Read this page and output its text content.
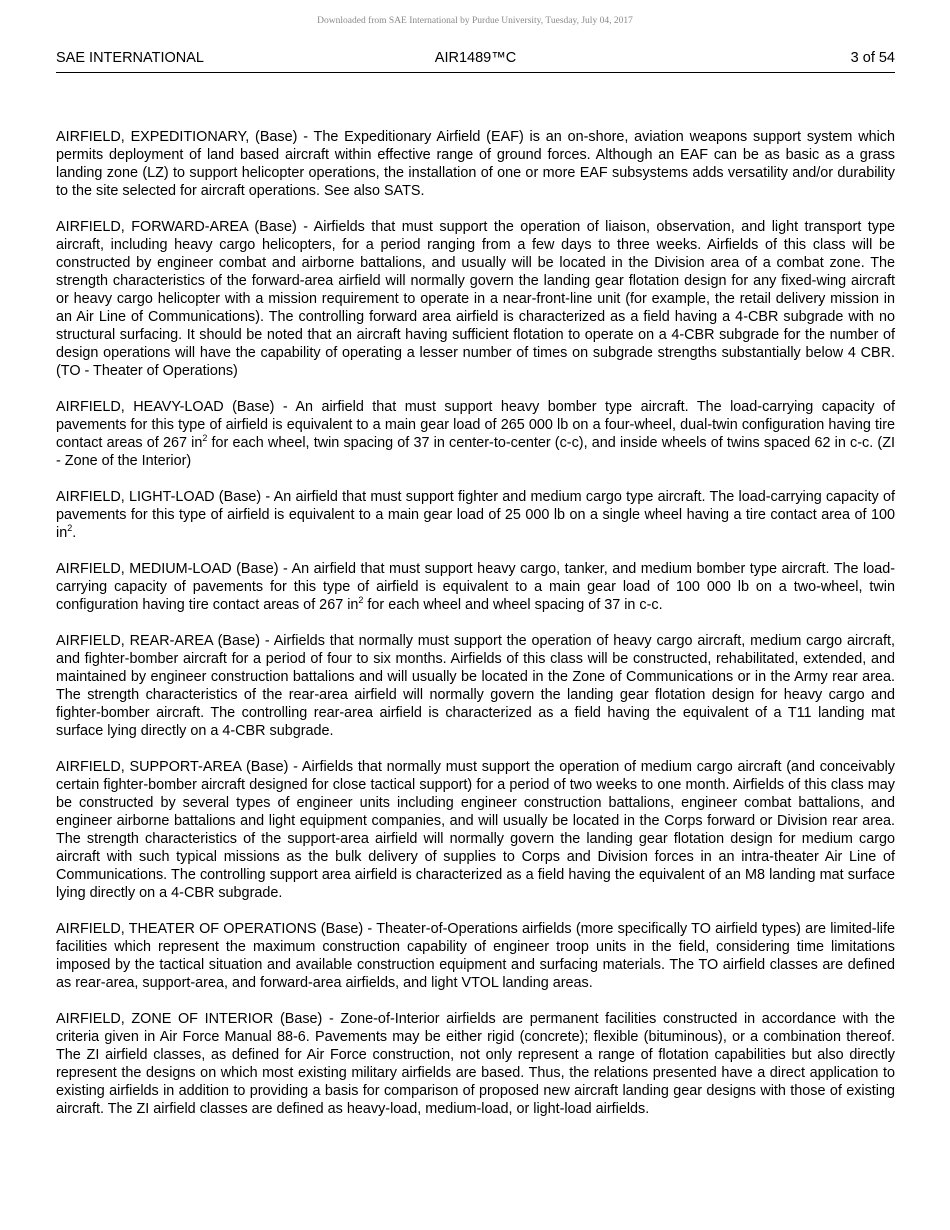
Downloaded from SAE International by Purdue University, Tuesday, July 04, 2017
SAE INTERNATIONAL	AIR1489™C	3 of 54

AIRFIELD, EXPEDITIONARY, (Base) - The Expeditionary Airfield (EAF) is an on-shore, aviation weapons support system which permits deployment of land based aircraft within effective range of ground forces. Although an EAF can be as basic as a grass landing zone (LZ) to support helicopter operations, the installation of one or more EAF subsystems adds versatility and/or durability to the site selected for aircraft operations. See also SATS.

AIRFIELD, FORWARD-AREA (Base) - Airfields that must support the operation of liaison, observation, and light transport type aircraft, including heavy cargo helicopters, for a period ranging from a few days to three weeks. Airfields of this class will be constructed by engineer combat and airborne battalions, and usually will be located in the Division area of a combat zone. The strength characteristics of the forward-area airfield will normally govern the landing gear flotation design for any fixed-wing aircraft or heavy cargo helicopter with a mission requirement to operate in a near-front-line unit (for example, the retail delivery mission in an Air Line of Communications). The controlling forward area airfield is characterized as a field having a 4-CBR subgrade with no structural surfacing. It should be noted that an aircraft having sufficient flotation to operate on a 4-CBR subgrade for the number of design operations will have the capability of operating a lesser number of times on subgrade strengths substantially below 4 CBR. (TO - Theater of Operations)

AIRFIELD, HEAVY-LOAD (Base) - An airfield that must support heavy bomber type aircraft. The load-carrying capacity of pavements for this type of airfield is equivalent to a main gear load of 265 000 lb on a four-wheel, dual-twin configuration having tire contact areas of 267 $in^2$ for each wheel, twin spacing of 37 in center-to-center (c-c), and inside wheels of twins spaced 62 in c-c. (ZI - Zone of the Interior)

AIRFIELD, LIGHT-LOAD (Base) - An airfield that must support fighter and medium cargo type aircraft. The load-carrying capacity of pavements for this type of airfield is equivalent to a main gear load of 25 000 lb on a single wheel having a tire contact area of 100 $in^2$.

AIRFIELD, MEDIUM-LOAD (Base) - An airfield that must support heavy cargo, tanker, and medium bomber type aircraft. The load-carrying capacity of pavements for this type of airfield is equivalent to a main gear load of 100 000 lb on a two-wheel, twin configuration having tire contact areas of 267 $in^2$ for each wheel and wheel spacing of 37 in c-c.

AIRFIELD, REAR-AREA (Base) - Airfields that normally must support the operation of heavy cargo aircraft, medium cargo aircraft, and fighter-bomber aircraft for a period of four to six months. Airfields of this class will be constructed, rehabilitated, extended, and maintained by engineer construction battalions and will usually be located in the Zone of Communications or in the Army rear area. The strength characteristics of the rear-area airfield will normally govern the landing gear flotation design for heavy cargo and fighter-bomber aircraft. The controlling rear-area airfield is characterized as a field having the equivalent of a T11 landing mat surface lying directly on a 4-CBR subgrade.

AIRFIELD, SUPPORT-AREA (Base) - Airfields that normally must support the operation of medium cargo aircraft (and conceivably certain fighter-bomber aircraft designed for close tactical support) for a period of two weeks to one month. Airfields of this class may be constructed by several types of engineer units including engineer construction battalions, engineer combat battalions, and engineer airborne battalions and light equipment companies, and will usually be located in the Corps forward or Division rear area. The strength characteristics of the support-area airfield will normally govern the landing gear flotation design for medium cargo aircraft with such typical missions as the bulk delivery of supplies to Corps and Division forces in an intra-theater Air Line of Communications. The controlling support area airfield is characterized as a field having the equivalent of an M8 landing mat surface lying directly on a 4-CBR subgrade.

AIRFIELD, THEATER OF OPERATIONS (Base) - Theater-of-Operations airfields (more specifically TO airfield types) are limited-life facilities which represent the maximum construction capability of engineer troop units in the field, considering time limitations imposed by the tactical situation and available construction equipment and surfacing materials. The TO airfield classes are defined as rear-area, support-area, and forward-area airfields, and light VTOL landing areas.

AIRFIELD, ZONE OF INTERIOR (Base) - Zone-of-Interior airfields are permanent facilities constructed in accordance with the criteria given in Air Force Manual 88-6. Pavements may be either rigid (concrete); flexible (bituminous), or a combination thereof. The ZI airfield classes, as defined for Air Force construction, not only represent a range of flotation capabilities but also directly represent the designs on which most existing military airfields are based. Thus, the relations presented have a direct application to existing airfields in addition to providing a basis for comparison of proposed new aircraft landing gear designs with those of existing aircraft. The ZI airfield classes are defined as heavy-load, medium-load, or light-load airfields.
